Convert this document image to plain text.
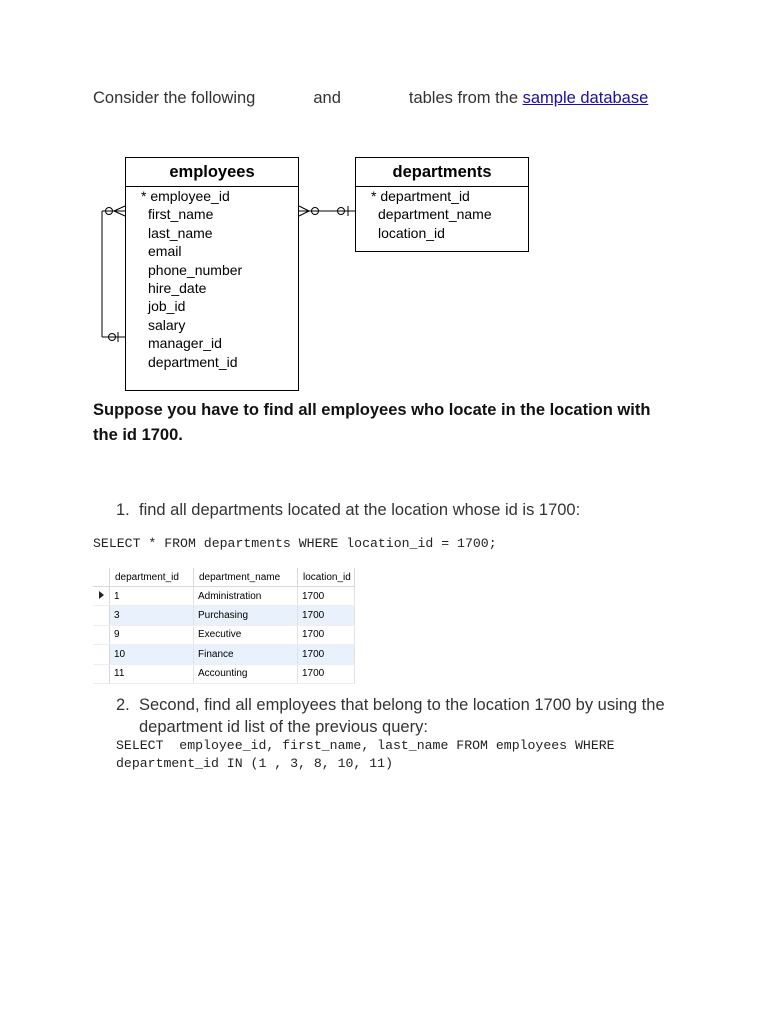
Consider the following	and	tables from the sample database
employees
* employee_id
first_name
last_name
email
phone_number
hire_date
job_id
salary
manager_id
department_id
departments
* department_id
department_name
location_id
Suppose you have to find all employees who locate in the location with the id 1700.
1. find all departments located at the location whose id is 1700:
SELECT * FROM departments WHERE location_id = 1700;
	department_id	department_name	location_id
	1	Administration	1700
	3	Purchasing	1700
	9	Executive	1700
	10	Finance	1700
	11	Accounting	1700
2. Second, find all employees that belong to the location 1700 by using the department id list of the previous query:
SELECT  employee_id, first_name, last_name FROM employees WHERE
department_id IN (1 , 3, 8, 10, 11)
